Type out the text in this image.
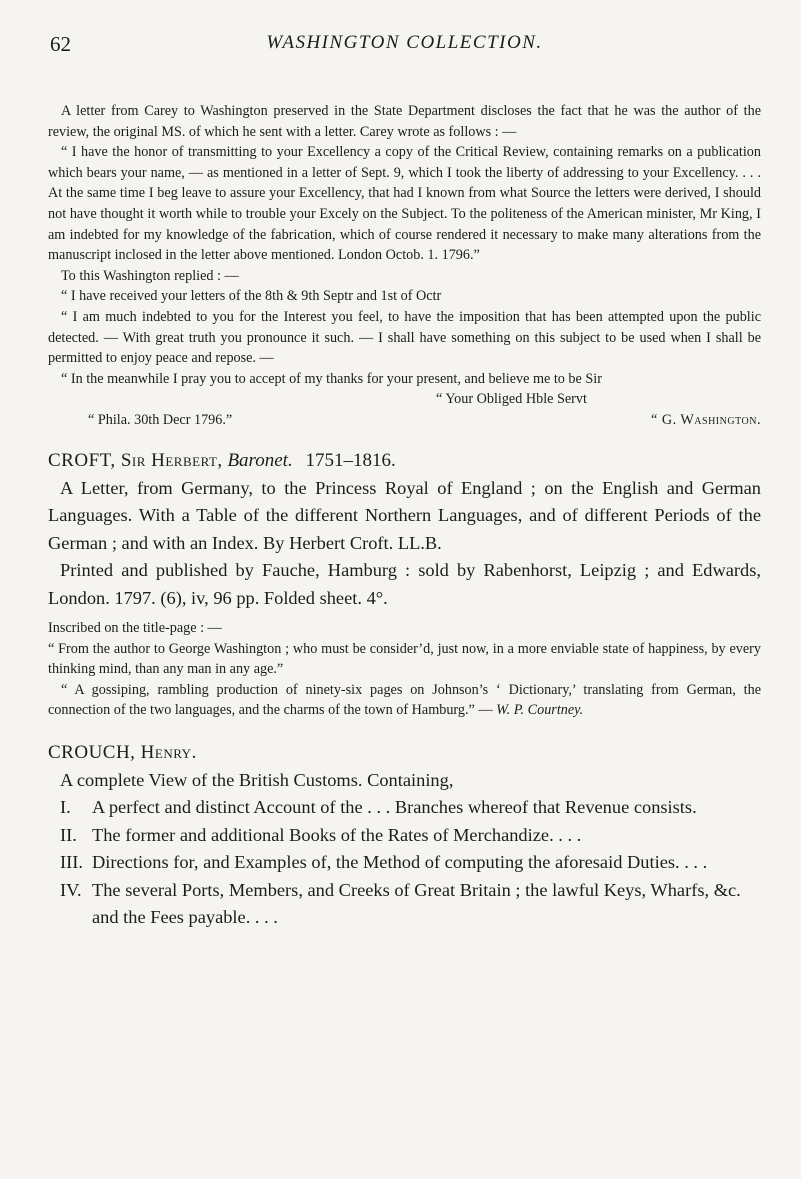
62	WASHINGTON COLLECTION.

A letter from Carey to Washington preserved in the State Department discloses the fact that he was the author of the review, the original MS. of which he sent with a letter. Carey wrote as follows : —

“ I have the honor of transmitting to your Excellency a copy of the Critical Review, containing remarks on a publication which bears your name, — as mentioned in a letter of Sept. 9, which I took the liberty of addressing to your Excellency. . . . At the same time I beg leave to assure your Excellency, that had I known from what Source the letters were derived, I should not have thought it worth while to trouble your Excely on the Subject. To the politeness of the American minister, Mr King, I am indebted for my knowledge of the fabrication, which of course rendered it necessary to make many alterations from the manuscript inclosed in the letter above mentioned. London Octob. 1. 1796.”

To this Washington replied : —

“ I have received your letters of the 8th & 9th Septr and 1st of Octr

“ I am much indebted to you for the Interest you feel, to have the imposition that has been attempted upon the public detected. — With great truth you pronounce it such. — I shall have something on this subject to be used when I shall be permitted to enjoy peace and repose. —

“ In the meanwhile I pray you to accept of my thanks for your present, and believe me to be Sir

“ Your Obliged Hble Servt

“ G. Washington.

“ Phila. 30th Decr 1796.”

CROFT, Sir Herbert, Baronet. 1751–1816.

A Letter, from Germany, to the Princess Royal of England ; on the English and German Languages. With a Table of the different Northern Languages, and of different Periods of the German ; and with an Index. By Herbert Croft. LL.B.

Printed and published by Fauche, Hamburg : sold by Rabenhorst, Leipzig ; and Edwards, London. 1797. (6), iv, 96 pp. Folded sheet. 4°.

Inscribed on the title-page : —

“ From the author to George Washington ; who must be consider’d, just now, in a more enviable state of happiness, by every thinking mind, than any man in any age.”

“ A gossiping, rambling production of ninety-six pages on Johnson’s ‘ Dictionary,’ translating from German, the connection of the two languages, and the charms of the town of Hamburg.” — W. P. Courtney.

CROUCH, Henry.

A complete View of the British Customs. Containing,

I.	A perfect and distinct Account of the . . . Branches whereof that Revenue consists.
II. The former and additional Books of the Rates of Merchandize. . . .
III. Directions for, and Examples of, the Method of computing the aforesaid Duties. . . .
IV. The several Ports, Members, and Creeks of Great Britain ; the lawful Keys, Wharfs, &c. and the Fees payable. . . .
